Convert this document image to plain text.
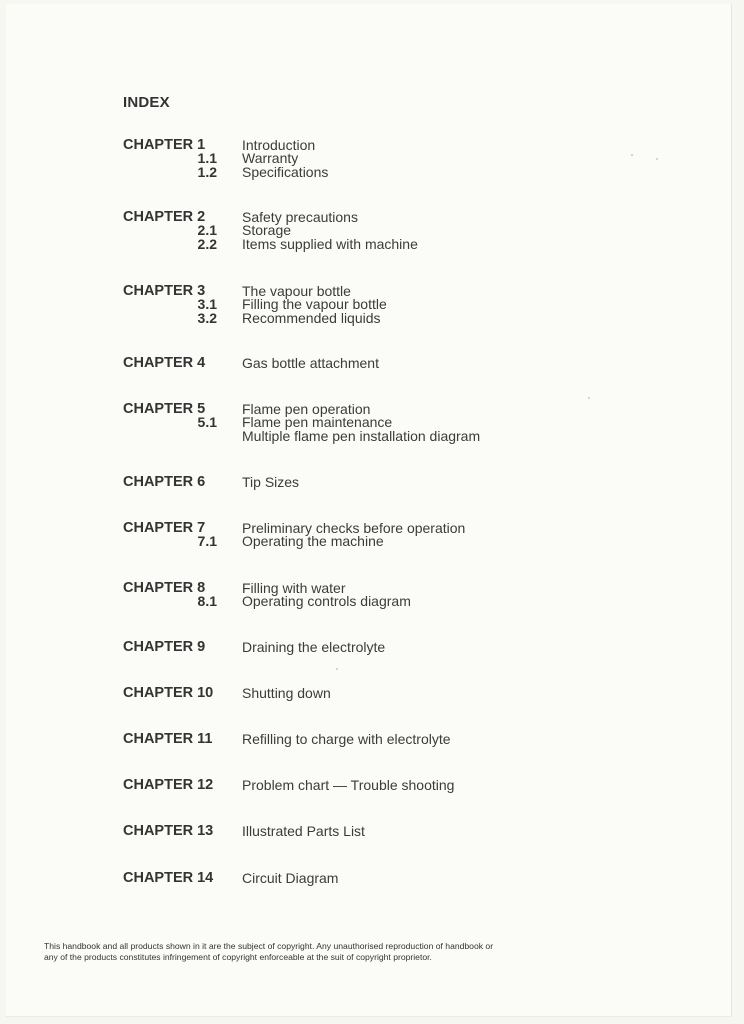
INDEX
CHAPTER 1	Introduction
1.1 Warranty
1.2 Specifications
CHAPTER 2	Safety precautions
2.1 Storage
2.2 Items supplied with machine
CHAPTER 3	The vapour bottle
3.1 Filling the vapour bottle
3.2 Recommended liquids
CHAPTER 4	Gas bottle attachment
CHAPTER 5	Flame pen operation
5.1 Flame pen maintenance
Multiple flame pen installation diagram
CHAPTER 6	Tip Sizes
CHAPTER 7	Preliminary checks before operation
7.1 Operating the machine
CHAPTER 8	Filling with water
8.1 Operating controls diagram
CHAPTER 9	Draining the electrolyte
CHAPTER 10 Shutting down
CHAPTER 11 Refilling to charge with electrolyte
CHAPTER 12 Problem chart — Trouble shooting
CHAPTER 13 Illustrated Parts List
CHAPTER 14 Circuit Diagram
This handbook and all products shown in it are the subject of copyright. Any unauthorised reproduction of handbook or
any of the products constitutes infringement of copyright enforceable at the suit of copyright proprietor.
